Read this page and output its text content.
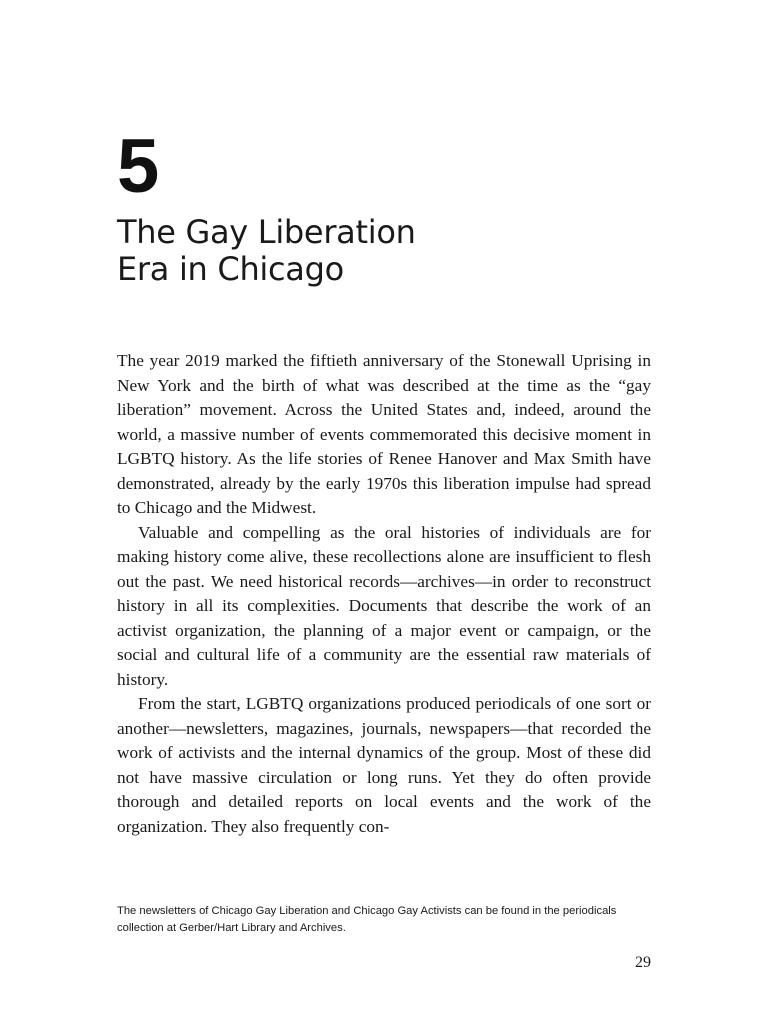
5
The Gay Liberation
Era in Chicago

The year 2019 marked the fiftieth anniversary of the Stonewall Uprising in New York and the birth of what was described at the time as the “gay liberation” movement. Across the United States and, indeed, around the world, a massive number of events commemorated this decisive moment in LGBTQ history. As the life stories of Renee Hanover and Max Smith have demonstrated, already by the early 1970s this liberation impulse had spread to Chicago and the Midwest.

Valuable and compelling as the oral histories of individuals are for making history come alive, these recollections alone are insufficient to flesh out the past. We need historical records—archives—in order to reconstruct history in all its complexities. Documents that describe the work of an activist organization, the planning of a major event or campaign, or the social and cultural life of a community are the essential raw materials of history.

From the start, LGBTQ organizations produced periodicals of one sort or another—newsletters, magazines, journals, newspapers—that recorded the work of activists and the internal dynamics of the group. Most of these did not have massive circulation or long runs. Yet they do often provide thorough and detailed reports on local events and the work of the organization. They also frequently con-

The newsletters of Chicago Gay Liberation and Chicago Gay Activists can be found in the periodicals collection at Gerber/Hart Library and Archives.

29
